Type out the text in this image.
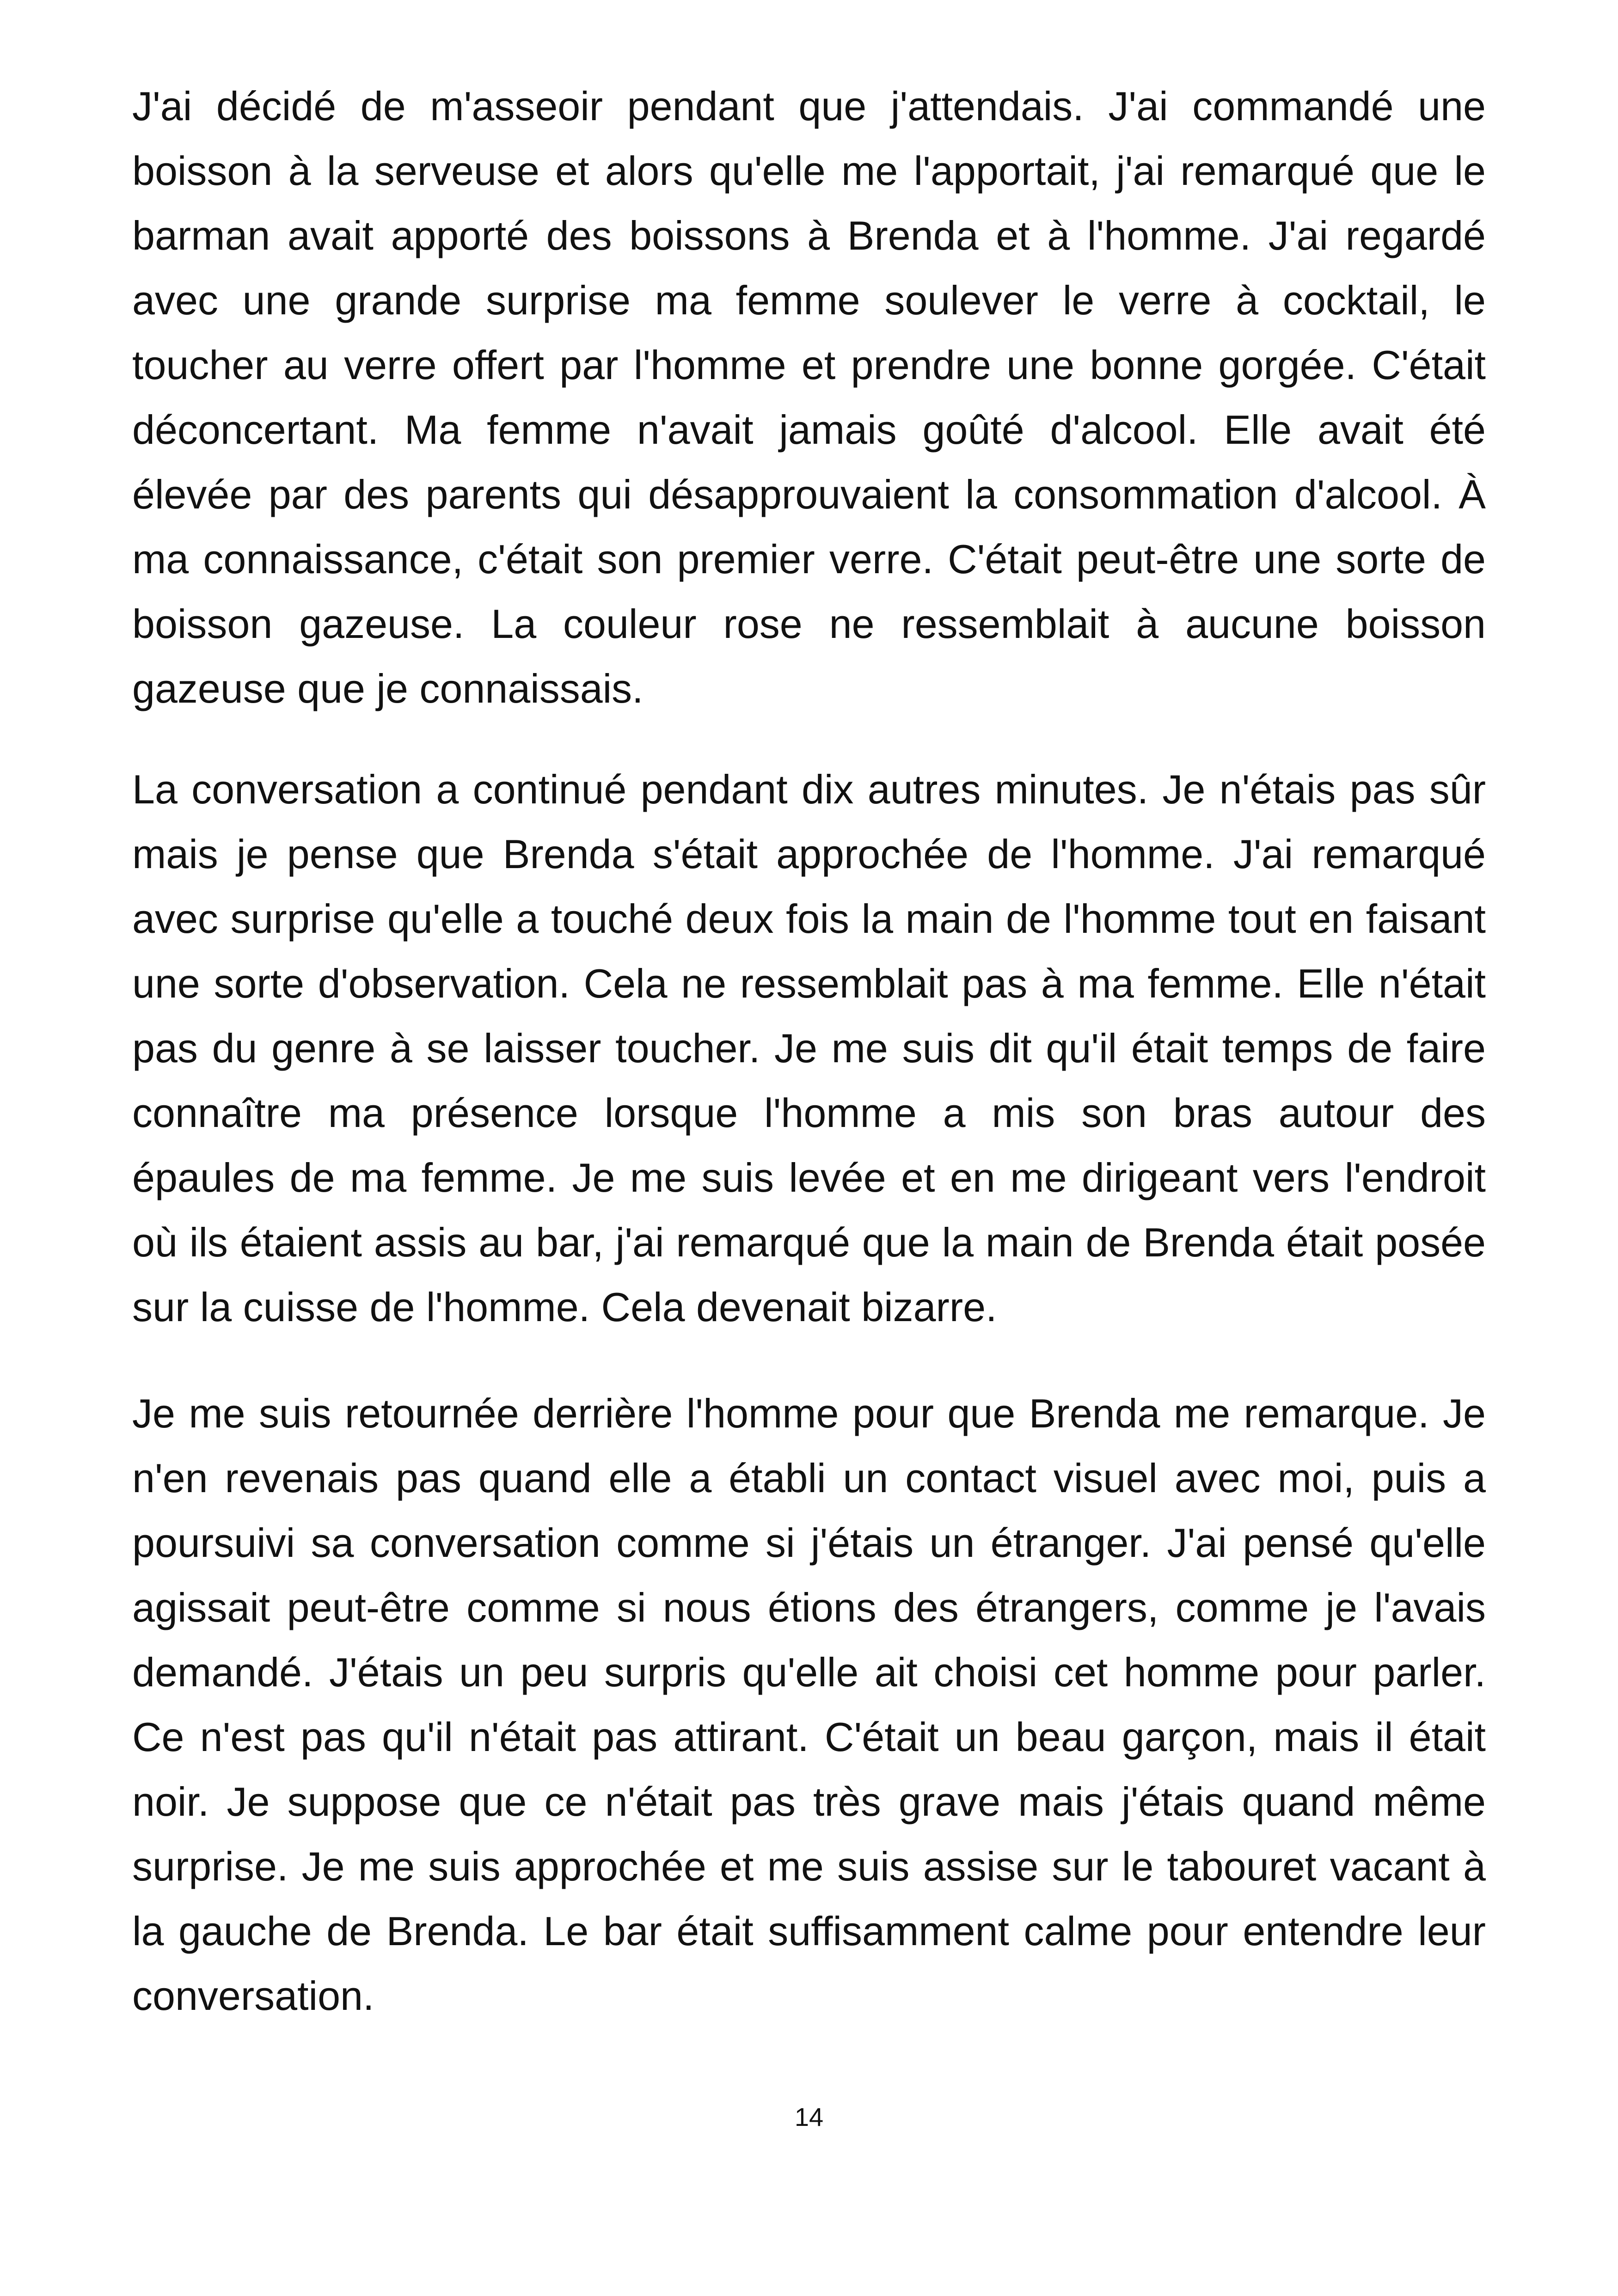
J'ai décidé de m'asseoir pendant que j'attendais. J'ai commandé une boisson à la serveuse et alors qu'elle me l'apportait, j'ai remarqué que le barman avait apporté des boissons à Brenda et à l'homme. J'ai regardé avec une grande surprise ma femme soulever le verre à cocktail, le toucher au verre offert par l'homme et prendre une bonne gorgée. C'était déconcertant. Ma femme n'avait jamais goûté d'alcool. Elle avait été élevée par des parents qui désapprouvaient la consommation d'alcool. À ma connaissance, c'était son premier verre. C'était peut-être une sorte de boisson gazeuse. La couleur rose ne ressemblait à aucune boisson gazeuse que je connaissais.

La conversation a continué pendant dix autres minutes. Je n'étais pas sûr mais je pense que Brenda s'était approchée de l'homme. J'ai remarqué avec surprise qu'elle a touché deux fois la main de l'homme tout en faisant une sorte d'observation. Cela ne ressemblait pas à ma femme. Elle n'était pas du genre à se laisser toucher. Je me suis dit qu'il était temps de faire connaître ma présence lorsque l'homme a mis son bras autour des épaules de ma femme. Je me suis levée et en me dirigeant vers l'endroit où ils étaient assis au bar, j'ai remarqué que la main de Brenda était posée sur la cuisse de l'homme. Cela devenait bizarre.

Je me suis retournée derrière l'homme pour que Brenda me remarque. Je n'en revenais pas quand elle a établi un contact visuel avec moi, puis a poursuivi sa conversation comme si j'étais un étranger. J'ai pensé qu'elle agissait peut-être comme si nous étions des étrangers, comme je l'avais demandé. J'étais un peu surpris qu'elle ait choisi cet homme pour parler. Ce n'est pas qu'il n'était pas attirant. C'était un beau garçon, mais il était noir. Je suppose que ce n'était pas très grave mais j'étais quand même surprise. Je me suis approchée et me suis assise sur le tabouret vacant à la gauche de Brenda. Le bar était suffisamment calme pour entendre leur conversation.

14
